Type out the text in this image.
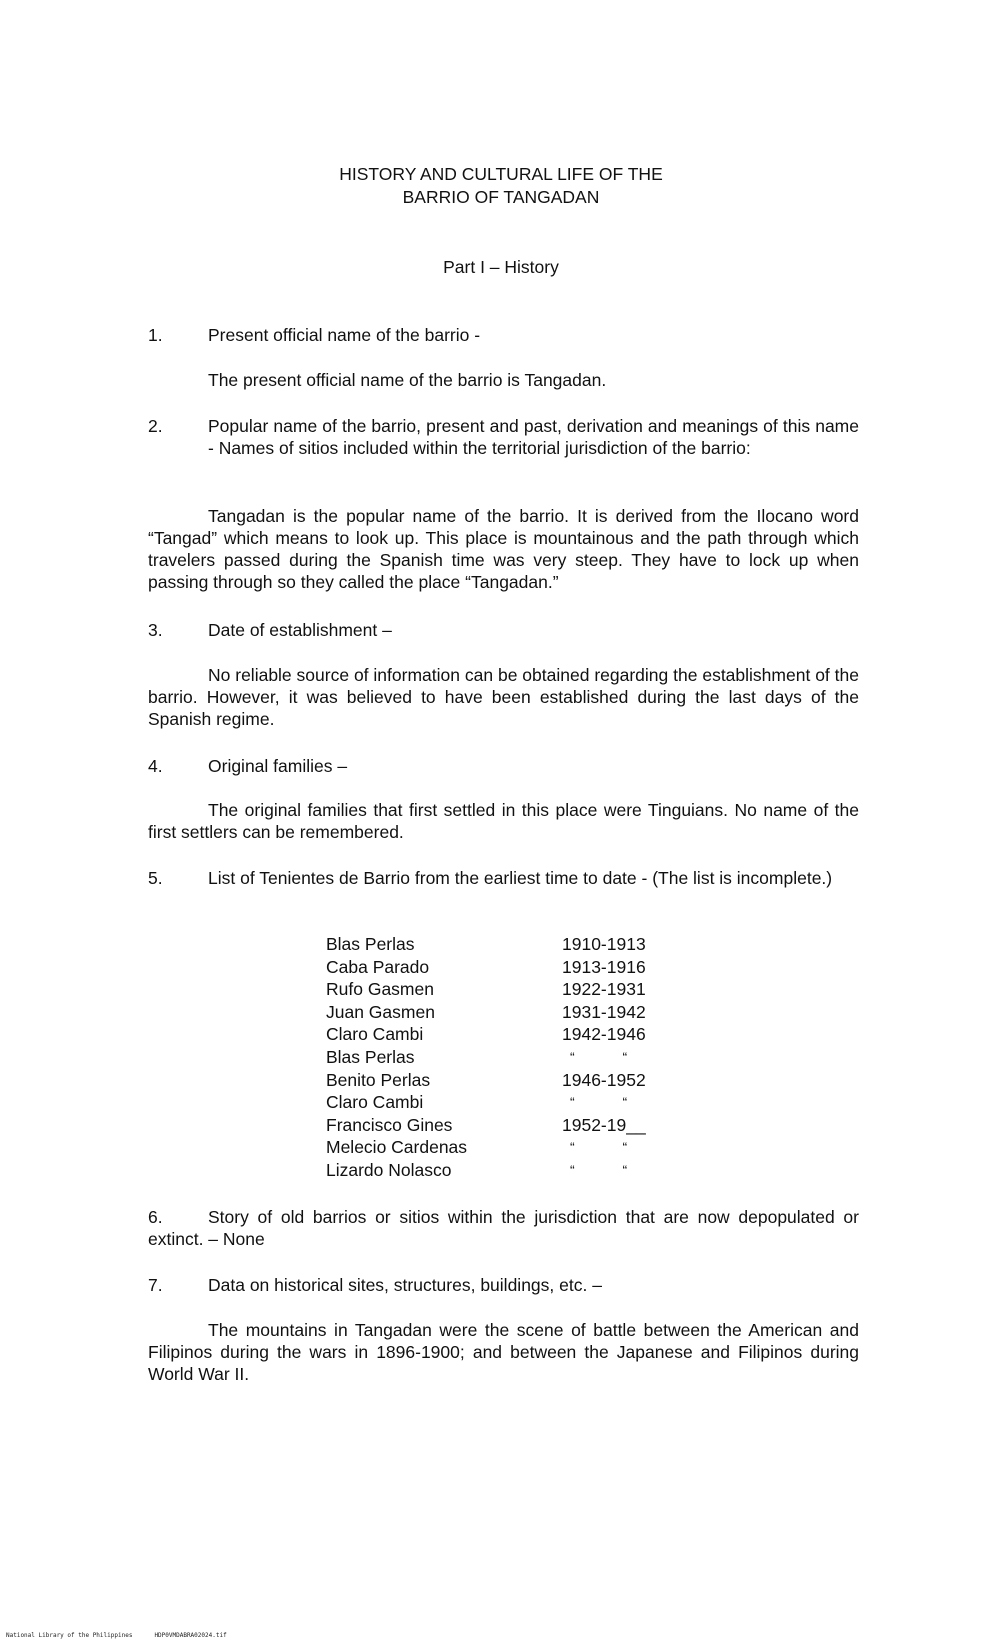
HISTORY AND CULTURAL LIFE OF THE
BARRIO OF TANGADAN
Part I – History
1.	Present official name of the barrio -
The present official name of the barrio is Tangadan.
2.	Popular name of the barrio, present and past, derivation and meanings of this name - Names of sitios included within the territorial jurisdiction of the barrio:
Tangadan is the popular name of the barrio. It is derived from the Ilocano word “Tangad” which means to look up. This place is mountainous and the path through which travelers passed during the Spanish time was very steep. They have to lock up when passing through so they called the place “Tangadan.”
3.	Date of establishment –
No reliable source of information can be obtained regarding the establishment of the barrio. However, it was believed to have been established during the last days of the Spanish regime.
4.	Original families –
The original families that first settled in this place were Tinguians. No name of the first settlers can be remembered.
5.	List of Tenientes de Barrio from the earliest time to date - (The list is incomplete.)
Blas Perlas	1910-1913
Caba Parado	1913-1916
Rufo Gasmen	1922-1931
Juan Gasmen	1931-1942
Claro Cambi	1942-1946
Blas Perlas	“ “
Benito Perlas	1946-1952
Claro Cambi	“ “
Francisco Gines	1952-19__
Melecio Cardenas	“ “
Lizardo Nolasco	“ “
6.	Story of old barrios or sitios within the jurisdiction that are now depopulated or extinct. – None
7.	Data on historical sites, structures, buildings, etc. –
The mountains in Tangadan were the scene of battle between the American and Filipinos during the wars in 1896-1900; and between the Japanese and Filipinos during World War II.
National Library of the Philippines	HDP0VMDABRA02024.tif
